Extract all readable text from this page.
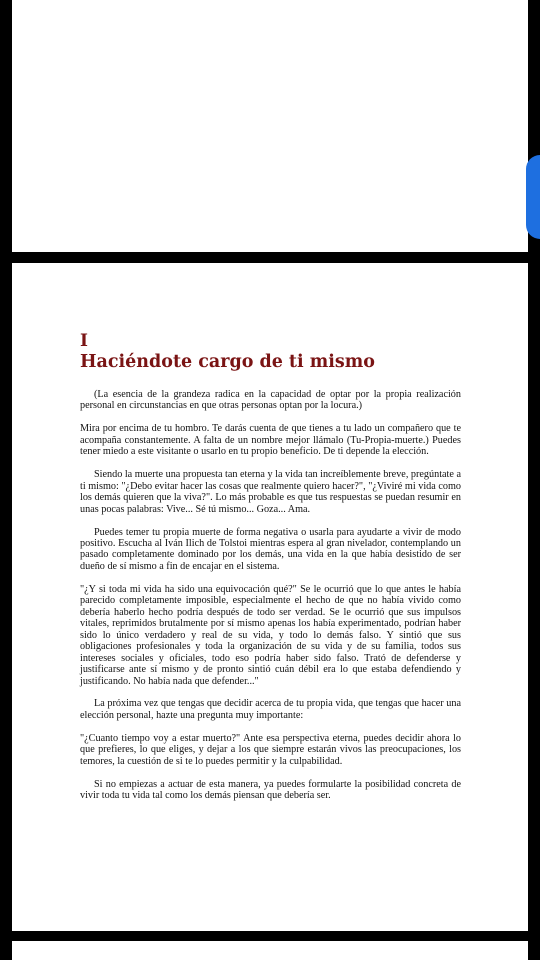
I
Haciéndote cargo de ti mismo

(La esencia de la grandeza radica en la capacidad de optar por la propia realización personal en circunstancias en que otras personas optan por la locura.)

Mira por encima de tu hombro. Te darás cuenta de que tienes a tu lado un compañero que te acompaña constantemente. A falta de un nombre mejor llámalo (Tu-Propia-muerte.) Puedes tener miedo a este visitante o usarlo en tu propio beneficio. De ti depende la elección.

Siendo la muerte una propuesta tan eterna y la vida tan increíblemente breve, pregúntate a ti mismo: "¿Debo evitar hacer las cosas que realmente quiero hacer?", "¿Viviré mi vida como los demás quieren que la viva?". Lo más probable es que tus respuestas se puedan resumir en unas pocas palabras: Vive... Sé tú mismo... Goza... Ama.

Puedes temer tu propia muerte de forma negativa o usarla para ayudarte a vivir de modo positivo. Escucha al Iván Ilich de Tolstoi mientras espera al gran nivelador, contemplando un pasado completamente dominado por los demás, una vida en la que había desistido de ser dueño de sí mismo a fin de encajar en el sistema.

"¿Y si toda mi vida ha sido una equivocación qué?" Se le ocurrió que lo que antes le había parecido completamente imposible, especialmente el hecho de que no había vivido como debería haberlo hecho podría después de todo ser verdad. Se le ocurrió que sus impulsos vitales, reprimidos brutalmente por sí mismo apenas los había experimentado, podrían haber sido lo único verdadero y real de su vida, y todo lo demás falso. Y sintió que sus obligaciones profesionales y toda la organización de su vida y de su familia, todos sus intereses sociales y oficiales, todo eso podría haber sido falso. Trató de defenderse y justificarse ante sí mismo y de pronto sintió cuán débil era lo que estaba defendiendo y justificando. No había nada que defender..."

La próxima vez que tengas que decidir acerca de tu propia vida, que tengas que hacer una elección personal, hazte una pregunta muy importante:

"¿Cuanto tiempo voy a estar muerto?" Ante esa perspectiva eterna, puedes decidir ahora lo que prefieres, lo que eliges, y dejar a los que siempre estarán vivos las preocupaciones, los temores, la cuestión de si te lo puedes permitir y la culpabilidad.

Si no empiezas a actuar de esta manera, ya puedes formularte la posibilidad concreta de vivir toda tu vida tal como los demás piensan que debería ser.
